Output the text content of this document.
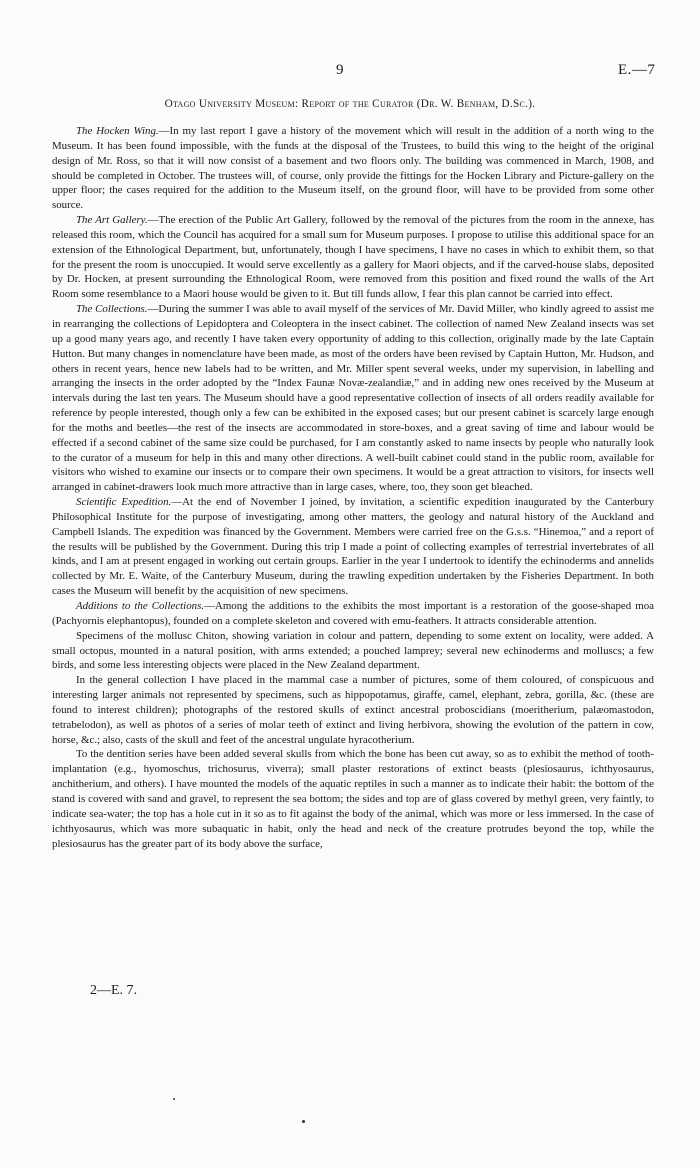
9	E.—7
Otago University Museum: Report of the Curator (Dr. W. Benham, D.Sc.).

The Hocken Wing.—In my last report I gave a history of the movement which will result in the addition of a north wing to the Museum. It has been found impossible, with the funds at the disposal of the Trustees, to build this wing to the height of the original design of Mr. Ross, so that it will now consist of a basement and two floors only. The building was commenced in March, 1908, and should be completed in October. The trustees will, of course, only provide the fittings for the Hocken Library and Picture-gallery on the upper floor; the cases required for the addition to the Museum itself, on the ground floor, will have to be provided from some other source.

The Art Gallery.—The erection of the Public Art Gallery, followed by the removal of the pictures from the room in the annexe, has released this room, which the Council has acquired for a small sum for Museum purposes. I propose to utilise this additional space for an extension of the Ethnological Department, but, unfortunately, though I have specimens, I have no cases in which to exhibit them, so that for the present the room is unoccupied. It would serve excellently as a gallery for Maori objects, and if the carved-house slabs, deposited by Dr. Hocken, at present surrounding the Ethnological Room, were removed from this position and fixed round the walls of the Art Room some resemblance to a Maori house would be given to it. But till funds allow, I fear this plan cannot be carried into effect.

The Collections.—During the summer I was able to avail myself of the services of Mr. David Miller, who kindly agreed to assist me in rearranging the collections of Lepidoptera and Coleoptera in the insect cabinet. The collection of named New Zealand insects was set up a good many years ago, and recently I have taken every opportunity of adding to this collection, originally made by the late Captain Hutton. But many changes in nomenclature have been made, as most of the orders have been revised by Captain Hutton, Mr. Hudson, and others in recent years, hence new labels had to be written, and Mr. Miller spent several weeks, under my supervision, in labelling and arranging the insects in the order adopted by the “Index Faunæ Novæ-zealandiæ,” and in adding new ones received by the Museum at intervals during the last ten years. The Museum should have a good representative collection of insects of all orders readily available for reference by people interested, though only a few can be exhibited in the exposed cases; but our present cabinet is scarcely large enough for the moths and beetles—the rest of the insects are accommodated in store-boxes, and a great saving of time and labour would be effected if a second cabinet of the same size could be purchased, for I am constantly asked to name insects by people who naturally look to the curator of a museum for help in this and many other directions. A well-built cabinet could stand in the public room, available for visitors who wished to examine our insects or to compare their own specimens. It would be a great attraction to visitors, for insects well arranged in cabinet-drawers look much more attractive than in large cases, where, too, they soon get bleached.

Scientific Expedition.—At the end of November I joined, by invitation, a scientific expedition inaugurated by the Canterbury Philosophical Institute for the purpose of investigating, among other matters, the geology and natural history of the Auckland and Campbell Islands. The expedition was financed by the Government. Members were carried free on the G.s.s. “Hinemoa,” and a report of the results will be published by the Government. During this trip I made a point of collecting examples of terrestrial invertebrates of all kinds, and I am at present engaged in working out certain groups. Earlier in the year I undertook to identify the echinoderms and annelids collected by Mr. E. Waite, of the Canterbury Museum, during the trawling expedition undertaken by the Fisheries Department. In both cases the Museum will benefit by the acquisition of new specimens.

Additions to the Collections.—Among the additions to the exhibits the most important is a restoration of the goose-shaped moa (Pachyornis elephantopus), founded on a complete skeleton and covered with emu-feathers. It attracts considerable attention.

Specimens of the mollusc Chiton, showing variation in colour and pattern, depending to some extent on locality, were added. A small octopus, mounted in a natural position, with arms extended; a pouched lamprey; several new echinoderms and molluscs; a few birds, and some less interesting objects were placed in the New Zealand department.

In the general collection I have placed in the mammal case a number of pictures, some of them coloured, of conspicuous and interesting larger animals not represented by specimens, such as hippopotamus, giraffe, camel, elephant, zebra, gorilla, &c. (these are found to interest children); photographs of the restored skulls of extinct ancestral proboscidians (moeritherium, palæomastodon, tetrabelodon), as well as photos of a series of molar teeth of extinct and living herbivora, showing the evolution of the pattern in cow, horse, &c.; also, casts of the skull and feet of the ancestral ungulate hyracotherium.

To the dentition series have been added several skulls from which the bone has been cut away, so as to exhibit the method of tooth-implantation (e.g., hyomoschus, trichosurus, viverra); small plaster restorations of extinct beasts (plesiosaurus, ichthyosaurus, anchitherium, and others). I have mounted the models of the aquatic reptiles in such a manner as to indicate their habit: the bottom of the stand is covered with sand and gravel, to represent the sea bottom; the sides and top are of glass covered by methyl green, very faintly, to indicate sea-water; the top has a hole cut in it so as to fit against the body of the animal, which was more or less immersed. In the case of ichthyosaurus, which was more subaquatic in habit, only the head and neck of the creature protrudes beyond the top, while the plesiosaurus has the greater part of its body above the surface,

2—E. 7.
